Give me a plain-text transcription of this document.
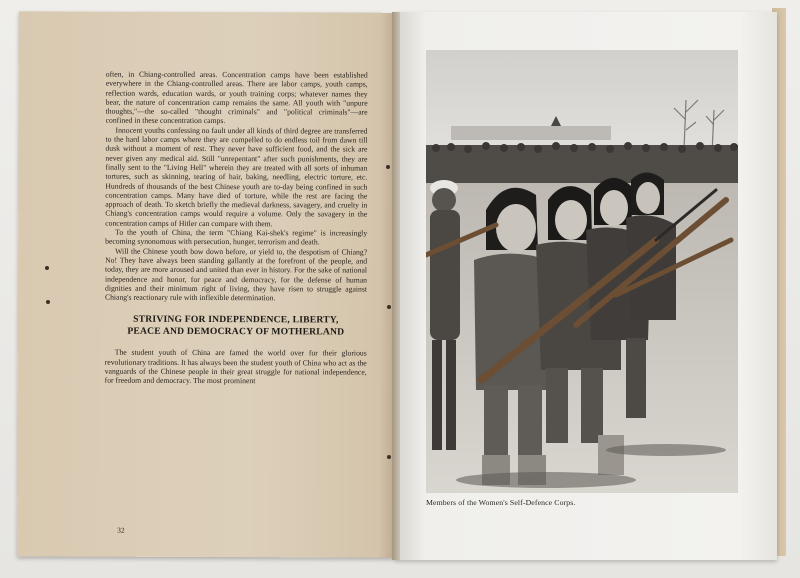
often, in Chiang-controlled areas. Concentration camps have been established everywhere in the Chiang-controlled areas. There are labor camps, youth camps, reflection wards, education wards, or youth training corps; whatever names they bear, the nature of concentration camp remains the same. All youth with "unpure thoughts,"—the so-called "thought criminals" and "political criminals"—are confined in these concentration camps.

Innocent youths confessing no fault under all kinds of third degree are transferred to the hard labor camps where they are compelled to do endless toil from dawn till dusk without a moment of rest. They never have sufficient food, and the sick are never given any medical aid. Still "unrepentant" after such punishments, they are finally sent to the "Living Hell" wherein they are treated with all sorts of inhuman tortures, such as skinning, tearing of hair, baking, needling, electric torture, etc. Hundreds of thousands of the best Chinese youth are to-day being confined in such concentration camps. Many have died of torture, while the rest are facing the approach of death. To sketch briefly the medieval darkness, savagery, and cruelty in Chiang's concentration camps would require a volume. Only the savagery in the concentration camps of Hitler can compare with them.

To the youth of China, the term "Chiang Kai-shek's regime" is increasingly becoming synonomous with persecution, hunger, terrorism and death.

Will the Chinese youth bow down before, or yield to, the despotism of Chiang? No! They have always been standing gallantly at the forefront of the people, and today, they are more aroused and united than ever in history. For the sake of national independence and honor, for peace and democracy, for the defense of human dignities and their minimum right of living, they have risen to struggle against Chiang's reactionary rule with inflexible determination.

STRIVING FOR INDEPENDENCE, LIBERTY,
PEACE AND DEMOCRACY OF MOTHERLAND

The student youth of China are famed the world over for their glorious revolutionary traditions. It has always been the student youth of China who act as the vanguards of the Chinese people in their great struggle for national independence, for freedom and democracy. The most prominent

32
Members of the Women's Self-Defence Corps.
